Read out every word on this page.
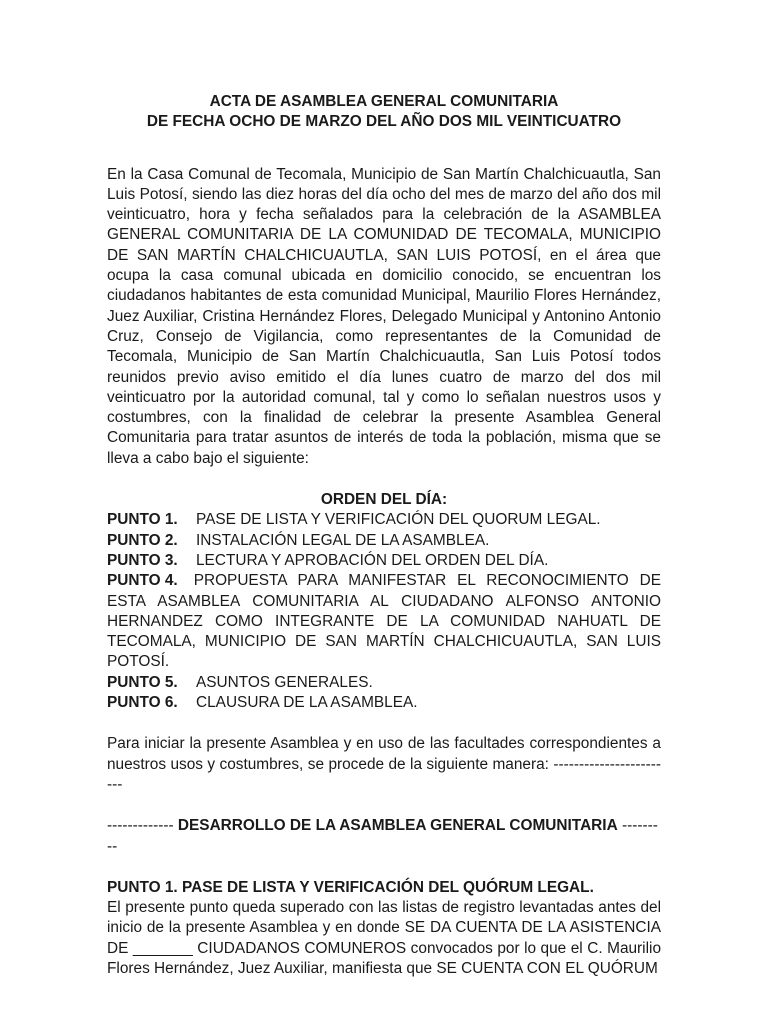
ACTA DE ASAMBLEA GENERAL COMUNITARIA
DE FECHA OCHO DE MARZO DEL AÑO DOS MIL VEINTICUATRO

En la Casa Comunal de Tecomala, Municipio de San Martín Chalchicuautla, San Luis Potosí, siendo las diez horas del día ocho del mes de marzo del año dos mil veinticuatro, hora y fecha señalados para la celebración de la ASAMBLEA GENERAL COMUNITARIA DE LA COMUNIDAD DE TECOMALA, MUNICIPIO DE SAN MARTÍN CHALCHICUAUTLA, SAN LUIS POTOSÍ, en el área que ocupa la casa comunal ubicada en domicilio conocido, se encuentran los ciudadanos habitantes de esta comunidad Municipal, Maurilio Flores Hernández, Juez Auxiliar, Cristina Hernández Flores, Delegado Municipal y Antonino Antonio Cruz, Consejo de Vigilancia, como representantes de la Comunidad de Tecomala, Municipio de San Martín Chalchicuautla, San Luis Potosí todos reunidos previo aviso emitido el día lunes cuatro de marzo del dos mil veinticuatro por la autoridad comunal, tal y como lo señalan nuestros usos y costumbres, con la finalidad de celebrar la presente Asamblea General Comunitaria para tratar asuntos de interés de toda la población, misma que se lleva a cabo bajo el siguiente:

ORDEN DEL DÍA:
PUNTO 1. PASE DE LISTA Y VERIFICACIÓN DEL QUORUM LEGAL.
PUNTO 2. INSTALACIÓN LEGAL DE LA ASAMBLEA.
PUNTO 3. LECTURA Y APROBACIÓN DEL ORDEN DEL DÍA.
PUNTO 4. PROPUESTA PARA MANIFESTAR EL RECONOCIMIENTO DE ESTA ASAMBLEA COMUNITARIA AL CIUDADANO ALFONSO ANTONIO HERNANDEZ COMO INTEGRANTE DE LA COMUNIDAD NAHUATL DE TECOMALA, MUNICIPIO DE SAN MARTÍN CHALCHICUAUTLA, SAN LUIS POTOSÍ.
PUNTO 5. ASUNTOS GENERALES.
PUNTO 6. CLAUSURA DE LA ASAMBLEA.

Para iniciar la presente Asamblea y en uso de las facultades correspondientes a nuestros usos y costumbres, se procede de la siguiente manera: ------------------------

------------- DESARROLLO DE LA ASAMBLEA GENERAL COMUNITARIA ---------
PUNTO 1. PASE DE LISTA Y VERIFICACIÓN DEL QUÓRUM LEGAL.

El presente punto queda superado con las listas de registro levantadas antes del inicio de la presente Asamblea y en donde SE DA CUENTA DE LA ASISTENCIA DE _______ CIUDADANOS COMUNEROS convocados por lo que el C. Maurilio Flores Hernández, Juez Auxiliar, manifiesta que SE CUENTA CON EL QUÓRUM
